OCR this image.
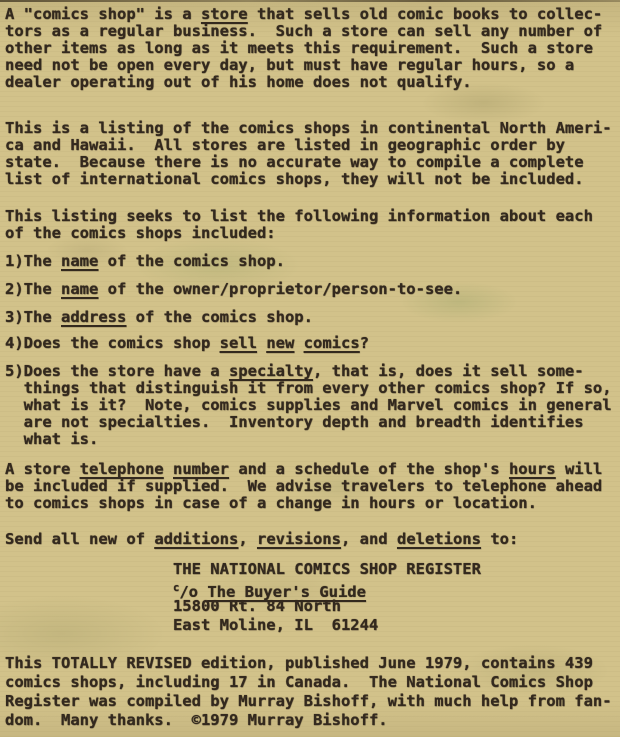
A "comics shop" is a store that sells old comic books to collec-
tors as a regular business.  Such a store can sell any number of
other items as long as it meets this requirement.  Such a store
need not be open every day, but must have regular hours, so a
dealer operating out of his home does not qualify.
This is a listing of the comics shops in continental North Ameri-
ca and Hawaii.  All stores are listed in geographic order by
state.  Because there is no accurate way to compile a complete
list of international comics shops, they will not be included.
This listing seeks to list the following information about each
of the comics shops included:
1)The name of the comics shop.
2)The name of the owner/proprietor/person-to-see.
3)The address of the comics shop.
4)Does the comics shop sell new comics?
5)Does the store have a specialty, that is, does it sell some-
things that distinguish it from every other comics shop? If so,
what is it?  Note, comics supplies and Marvel comics in general
are not specialties.  Inventory depth and breadth identifies
what is.
A store telephone number and a schedule of the shop's hours will
be included if supplied.  We advise travelers to telephone ahead
to comics shops in case of a change in hours or location.
Send all new of additions, revisions, and deletions to:
THE NATIONAL COMICS SHOP REGISTER
$^c$/o The Buyer's Guide
15800 Rt. 84 North
East Moline, IL  61244
This TOTALLY REVISED edition, published June 1979, contains 439
comics shops, including 17 in Canada.  The National Comics Shop
Register was compiled by Murray Bishoff, with much help from fan-
dom.  Many thanks.  ©1979 Murray Bishoff.
